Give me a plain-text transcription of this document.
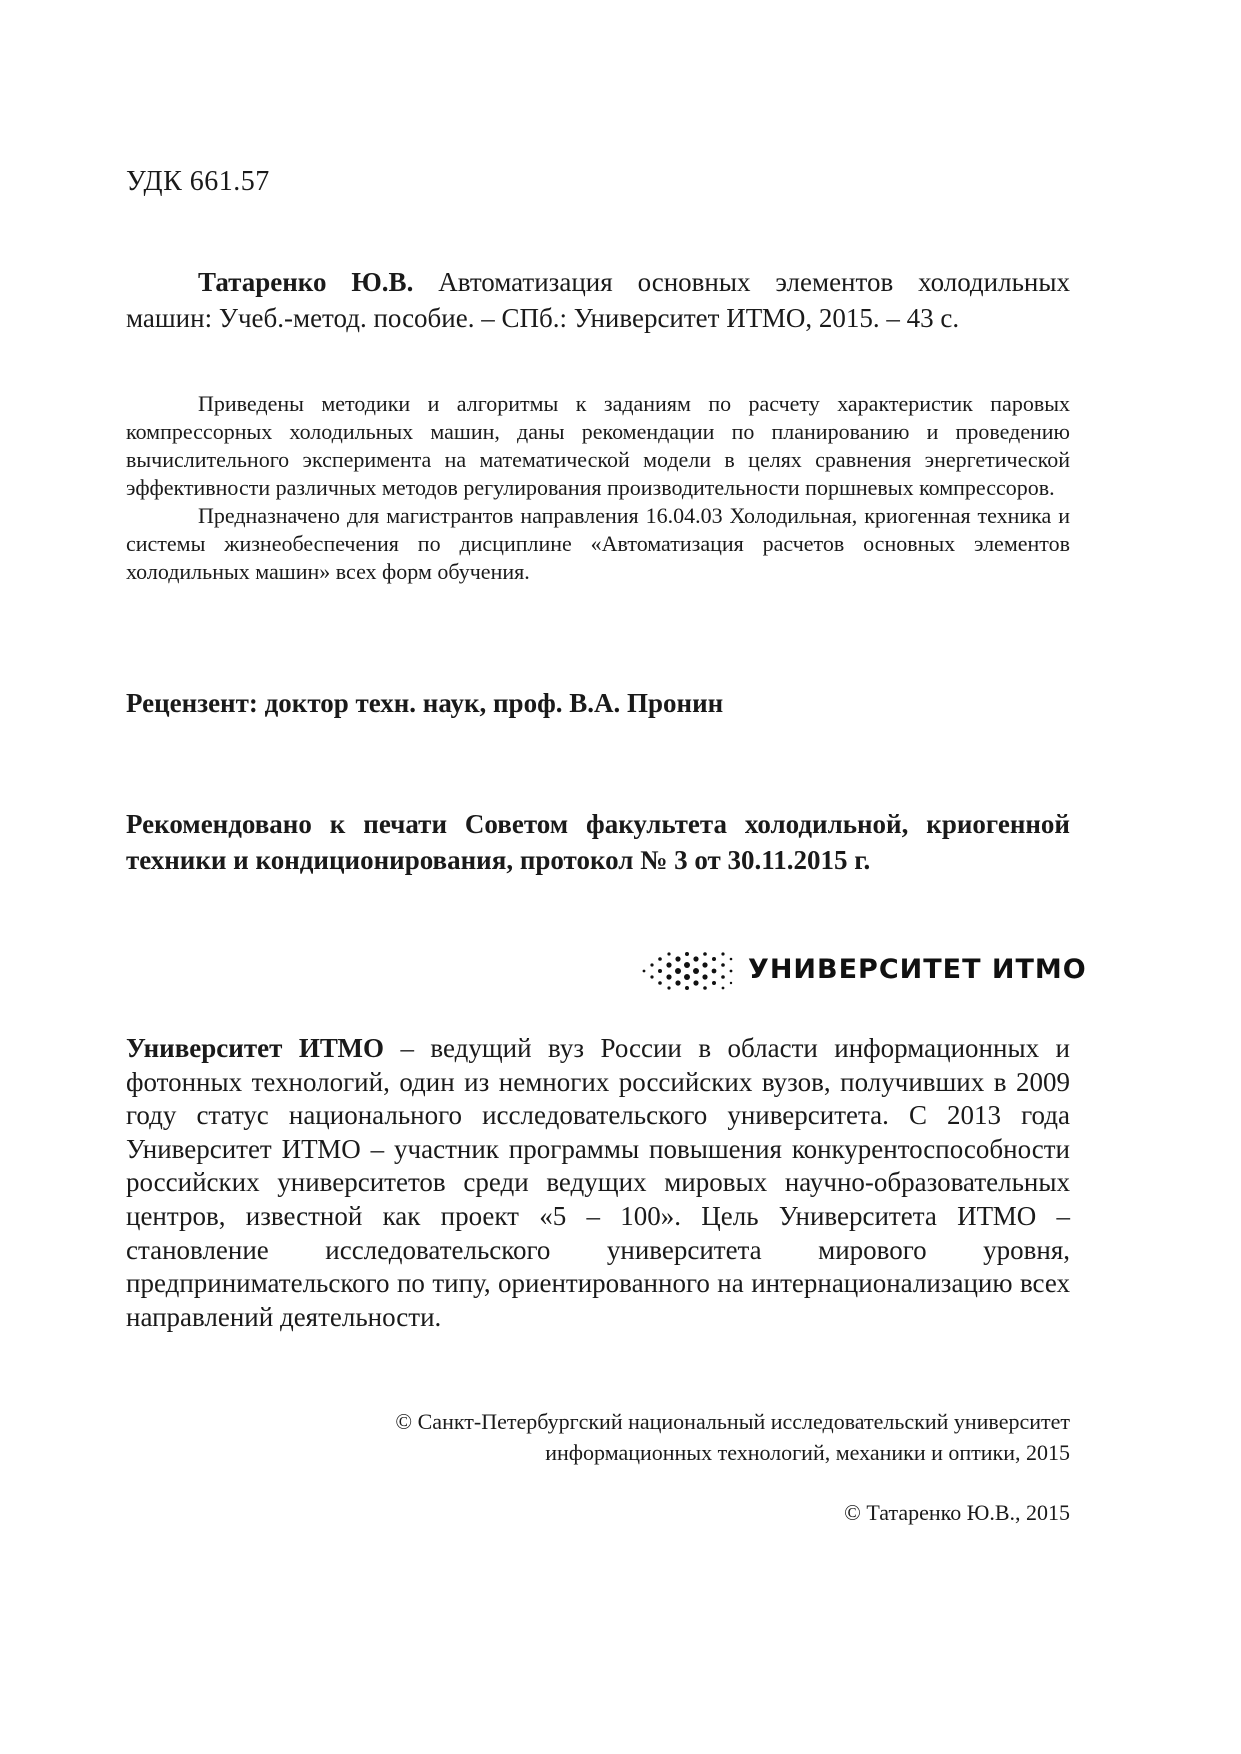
УДК 661.57

Татаренко Ю.В. Автоматизация основных элементов холодильных машин: Учеб.-метод. пособие. – СПб.: Университет ИТМО, 2015. – 43 с.

Приведены методики и алгоритмы к заданиям по расчету характеристик паровых компрессорных холодильных машин, даны рекомендации по планированию и проведению вычислительного эксперимента на математической модели в целях сравнения энергетической эффективности различных методов регулирования производительности поршневых компрессоров.

Предназначено для магистрантов направления 16.04.03 Холодильная, криогенная техника и системы жизнеобеспечения по дисциплине «Автоматизация расчетов основных элементов холодильных машин» всех форм обучения.

Рецензент: доктор техн. наук, проф. В.А. Пронин

Рекомендовано к печати Советом факультета холодильной, криогенной техники и кондиционирования, протокол № 3 от 30.11.2015 г.

УНИВЕРСИТЕТ ИТМО

Университет ИТМО – ведущий вуз России в области информационных и фотонных технологий, один из немногих российских вузов, получивших в 2009 году статус национального исследовательского университета. С 2013 года Университет ИТМО – участник программы повышения конкурентоспособности российских университетов среди ведущих мировых научно-образовательных центров, известной как проект «5 – 100». Цель Университета ИТМО – становление исследовательского университета мирового уровня, предпринимательского по типу, ориентированного на интернационализацию всех направлений деятельности.

© Санкт-Петербургский национальный исследовательский университет
информационных технологий, механики и оптики, 2015

© Татаренко Ю.В., 2015
